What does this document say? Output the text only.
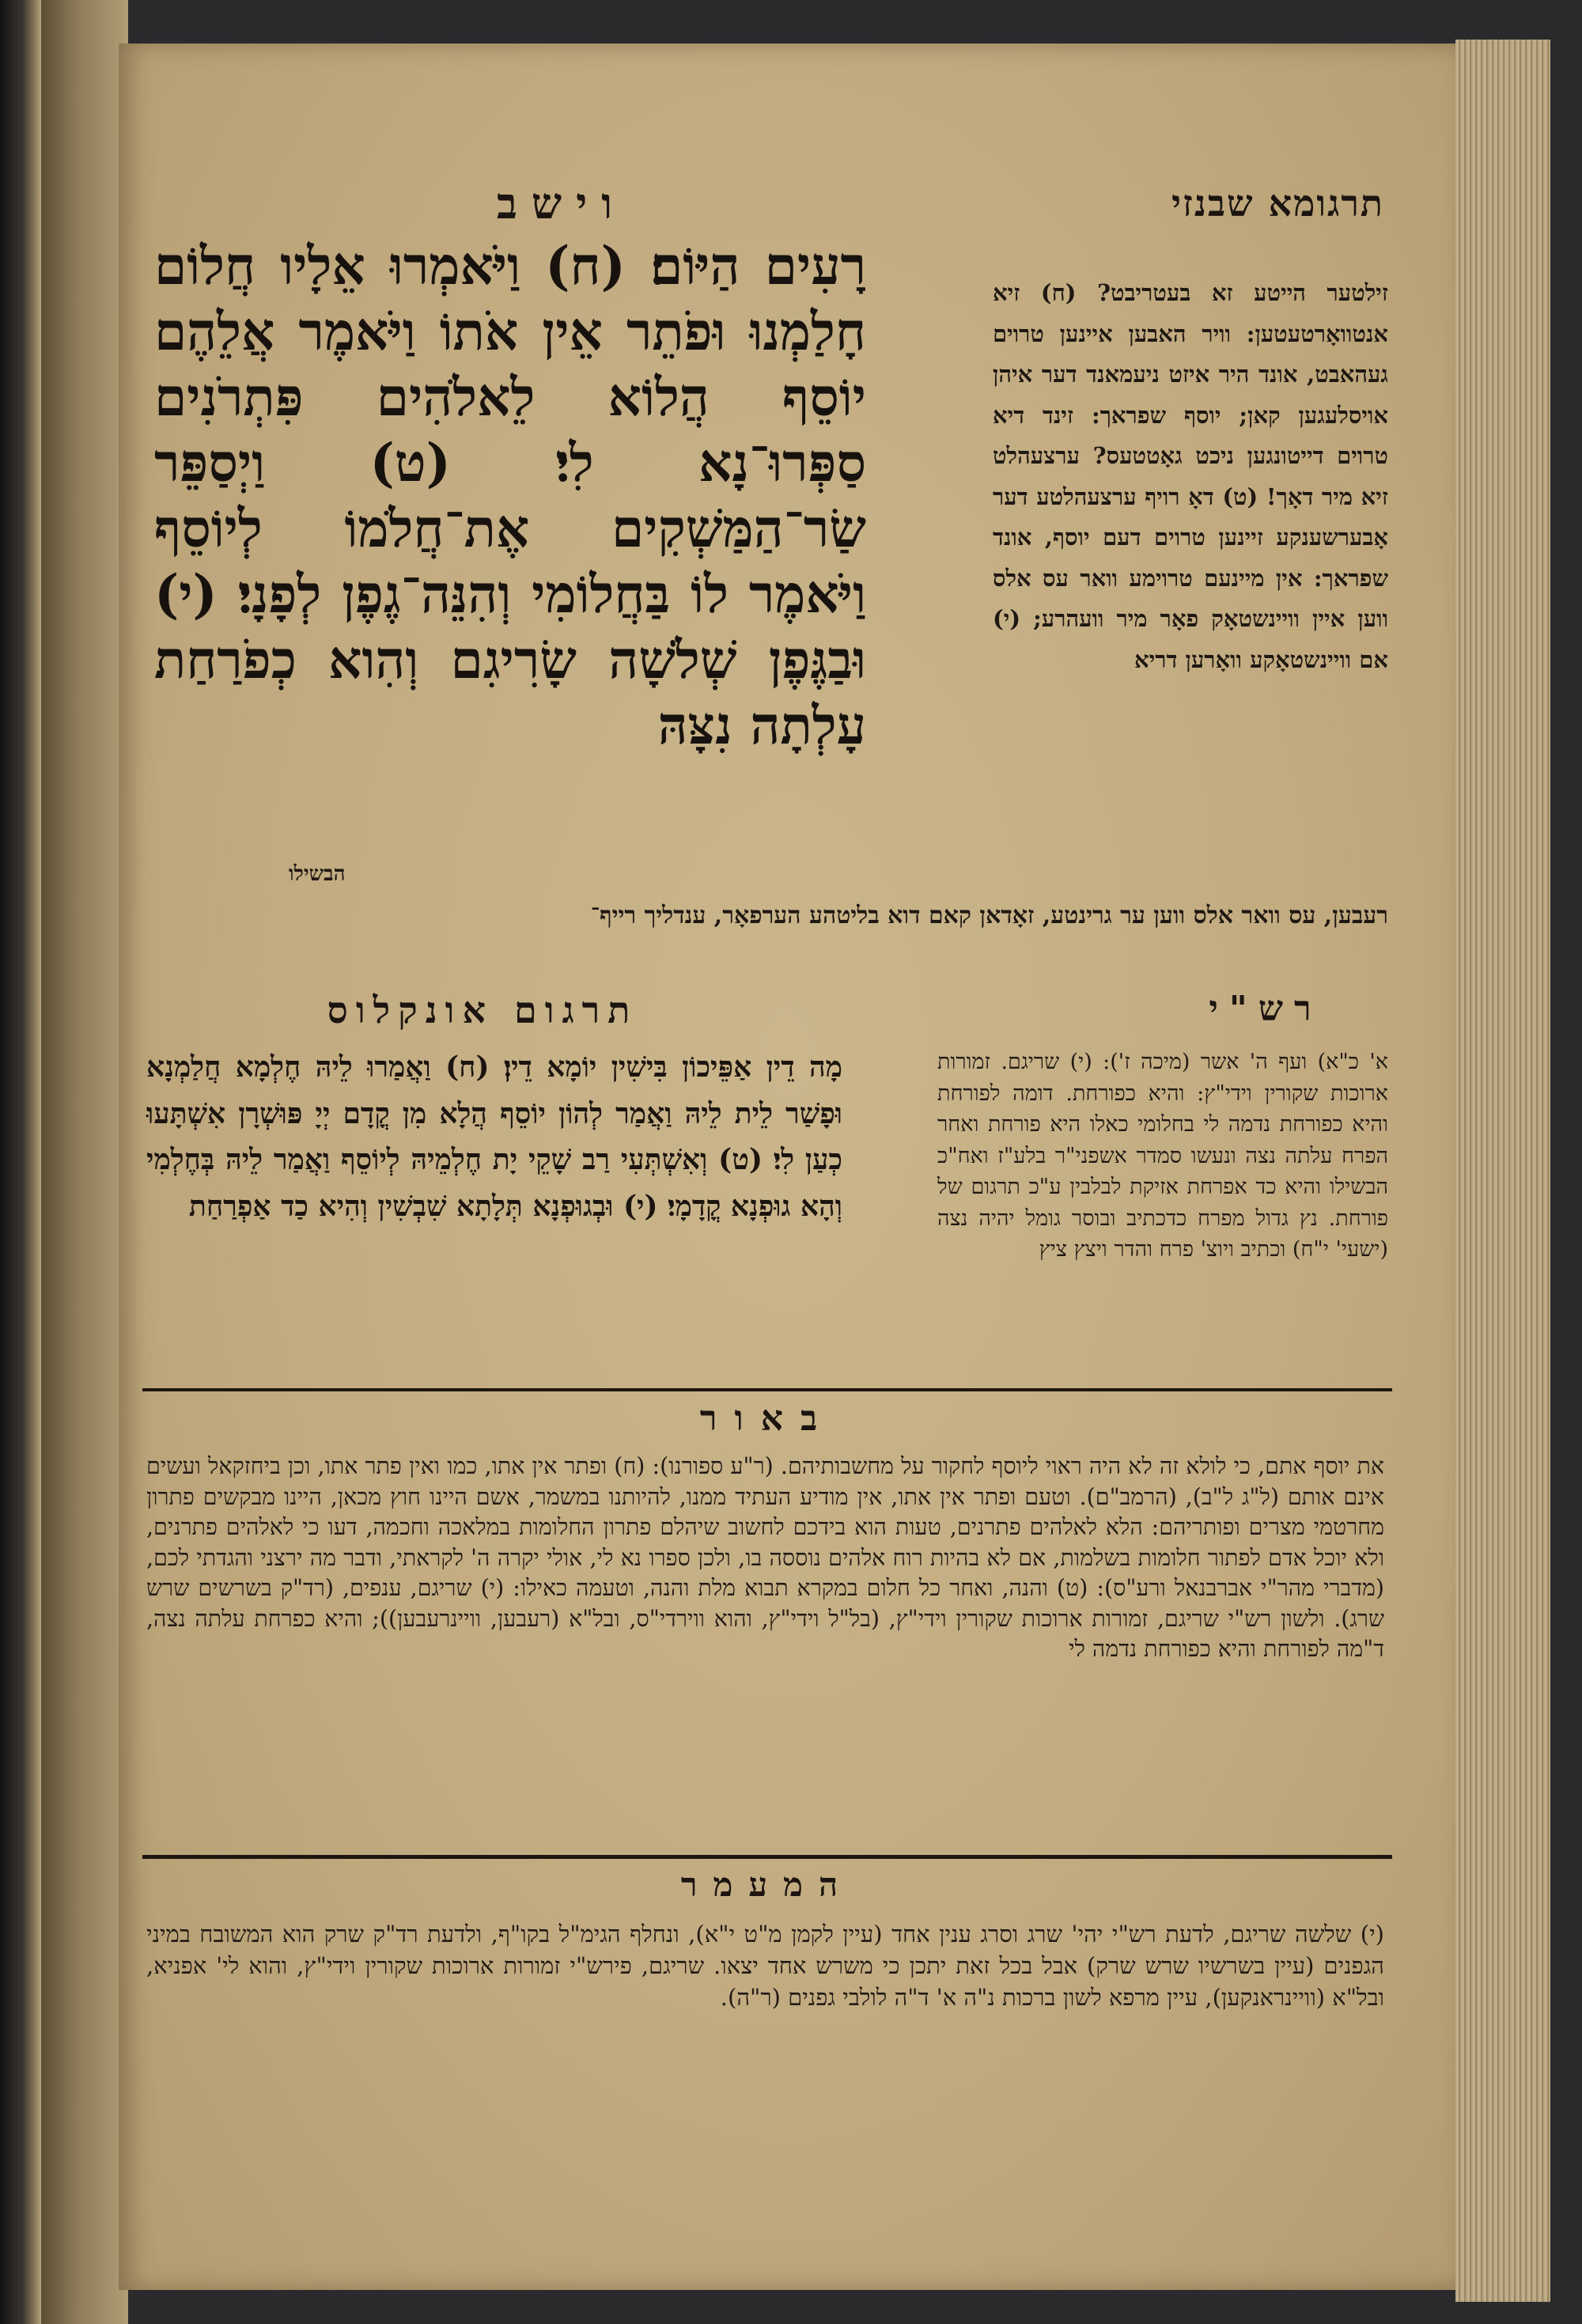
תרגומא שבנזי
וישב
רָעִים הַיּוֹם׃ (ח) וַיֹּאמְרוּ אֵלָיו חֲלוֹם חָלַמְנוּ וּפֹתֵר אֵין אֹתוֹ וַיֹּאמֶר אֲלֵהֶם יוֹסֵף הֲלוֹא לֵאלֹהִים פִּתְרֹנִים סַפְּרוּ־נָא לִי׃ (ט) וַיְסַפֵּר שַׂר־הַמַּשְׁקִים אֶת־חֲלֹמוֹ לְיוֹסֵף וַיֹּאמֶר לוֹ בַּחֲלוֹמִי וְהִנֵּה־גֶפֶן לְפָנָי׃ (י) וּבַגֶּפֶן שְׁלֹשָׁה שָׂרִיגִם וְהִוא כְפֹרַחַת עָלְתָה נִצָּהּ
הבשילו
זילטער הייטע זא בעטריבט? (ח) זיא אנטוואָרטעטען: וויר האבען איינען טרוים געהאבט, אונד היר איזט ניעמאנד דער איהן אויסלעגען קאן; יוסף שפראך: זינד דיא טרוים דייטונגען ניכט גאָטטעס? ערצעהלט זיא מיר דאָך! (ט) דאָ רויף ערצעהלטע דער אָבערשענקע זיינען טרוים דעם יוסף, אונד שפראך: אין מיינעם טרוימע וואר עס אלס ווען איין וויינשטאָק פאָר מיר וועהרע; (י) אם וויינשטאָקע וואָרען דריא
רעבען, עס וואר אלס ווען ער גרינטע, זאָדאן קאם דוא בליטהע הערפאָר, ענדליך רייף־
תרגום אונקלוס	רש"י
מָה דֵין אַפֵּיכוֹן בִּישִׁין יוֹמָא דֵין׃ (ח) וַאֲמַרוּ לֵיהּ חֶלְמָא חֲלַמְנָא וּפָשַׁר לֵית לֵיהּ וַאֲמַר לְהוֹן יוֹסֵף הֲלָא מִן קֳדָם יְיָ פּוּשְׁרָן אִשְׁתָּעוּ כְעַן לִי׃ (ט) וְאִשְׁתְּעִי רַב שָׁקֵי יָת חֶלְמֵיהּ לְיוֹסֵף וַאֲמַר לֵיהּ בְּחֶלְמִי וְהָא גוּפְנָא קֳדָמָי׃ (י) וּבְגוּפְנָא תְּלָתָא שִׁבְשִׁין וְהִיא כַד אַפְרַחַת
א' כ"א) ועף ה' אשר (מיכה ז'): (י) שריגם. זמורות ארוכות שקורין וידי"ץ: והיא כפורחת. דומה לפורחת והיא כפורחת נדמה לי בחלומי כאלו היא פורחת ואחר הפרח עלתה נצה ונעשו סמדר אשפני"ר בלע"ז ואח"כ הבשילו והיא כד אפרחת אזיקת לבלבין ע"כ תרגום של פורחת. נץ גדול מפרח כדכתיב ובוסר גומל יהיה נצה (ישעי' י"ח) וכתיב ויוצ' פרח והדר ויצץ ציץ
באור
את יוסף אתם, כי לולא זה לא היה ראוי ליוסף לחקור על מחשבותיהם. (ר"ע ספורנו): (ח) ופתר אין אתו, כמו ואין פתר אתו, וכן ביחזקאל ועשים אינם אותם (ל"ג ל"ב), (הרמב"ם). וטעם ופתר אין אתו, אין מודיע העתיד ממנו, להיותנו במשמר, אשם היינו חוץ מכאן, היינו מבקשים פתרון מחרטמי מצרים ופותריהם: הלא לאלהים פתרנים, טעות הוא בידכם לחשוב שיהלם פתרון החלומות במלאכה וחכמה, דעו כי לאלהים פתרנים, ולא יוכל אדם לפתור חלומות בשלמות, אם לא בהיות רוח אלהים נוססה בו, ולכן ספרו נא לי, אולי יקרה ה' לקראתי, ודבר מה ירצני והגדתי לכם, (מדברי מהר"י אברבנאל ורע"ס): (ט) והנה, ואחר כל חלום במקרא תבוא מלת והנה, וטעמה כאילו: (י) שריגם, ענפים, (רד"ק בשרשים שרש שרג). ולשון רש"י שריגם, זמורות ארוכות שקורין וידי"ץ, (בל"ל וידי"ץ, והוא ווירדי"ס, ובל"א (רעבען, וויינרעבען)); והיא כפרחת עלתה נצה, ד"מה לפורחת והיא כפורחת נדמה לי
המעמר
(י) שלשה שריגם, לדעת רש"י יהי' שרג וסרג ענין אחד (עיין לקמן מ"ט י"א), ונחלף הגימ"ל בקו"ף, ולדעת רד"ק שרק הוא המשובח במיני הגפנים (עיין בשרשיו שרש שרק) אבל בכל זאת יתכן כי משרש אחד יצאו. שריגם, פירש"י זמורות ארוכות שקורין וידי"ץ, והוא לי' אפניא, ובל"א (וויינראנקען), עיין מרפא לשון ברכות נ"ה א' ד"ה לולבי גפנים (ר"ה).
